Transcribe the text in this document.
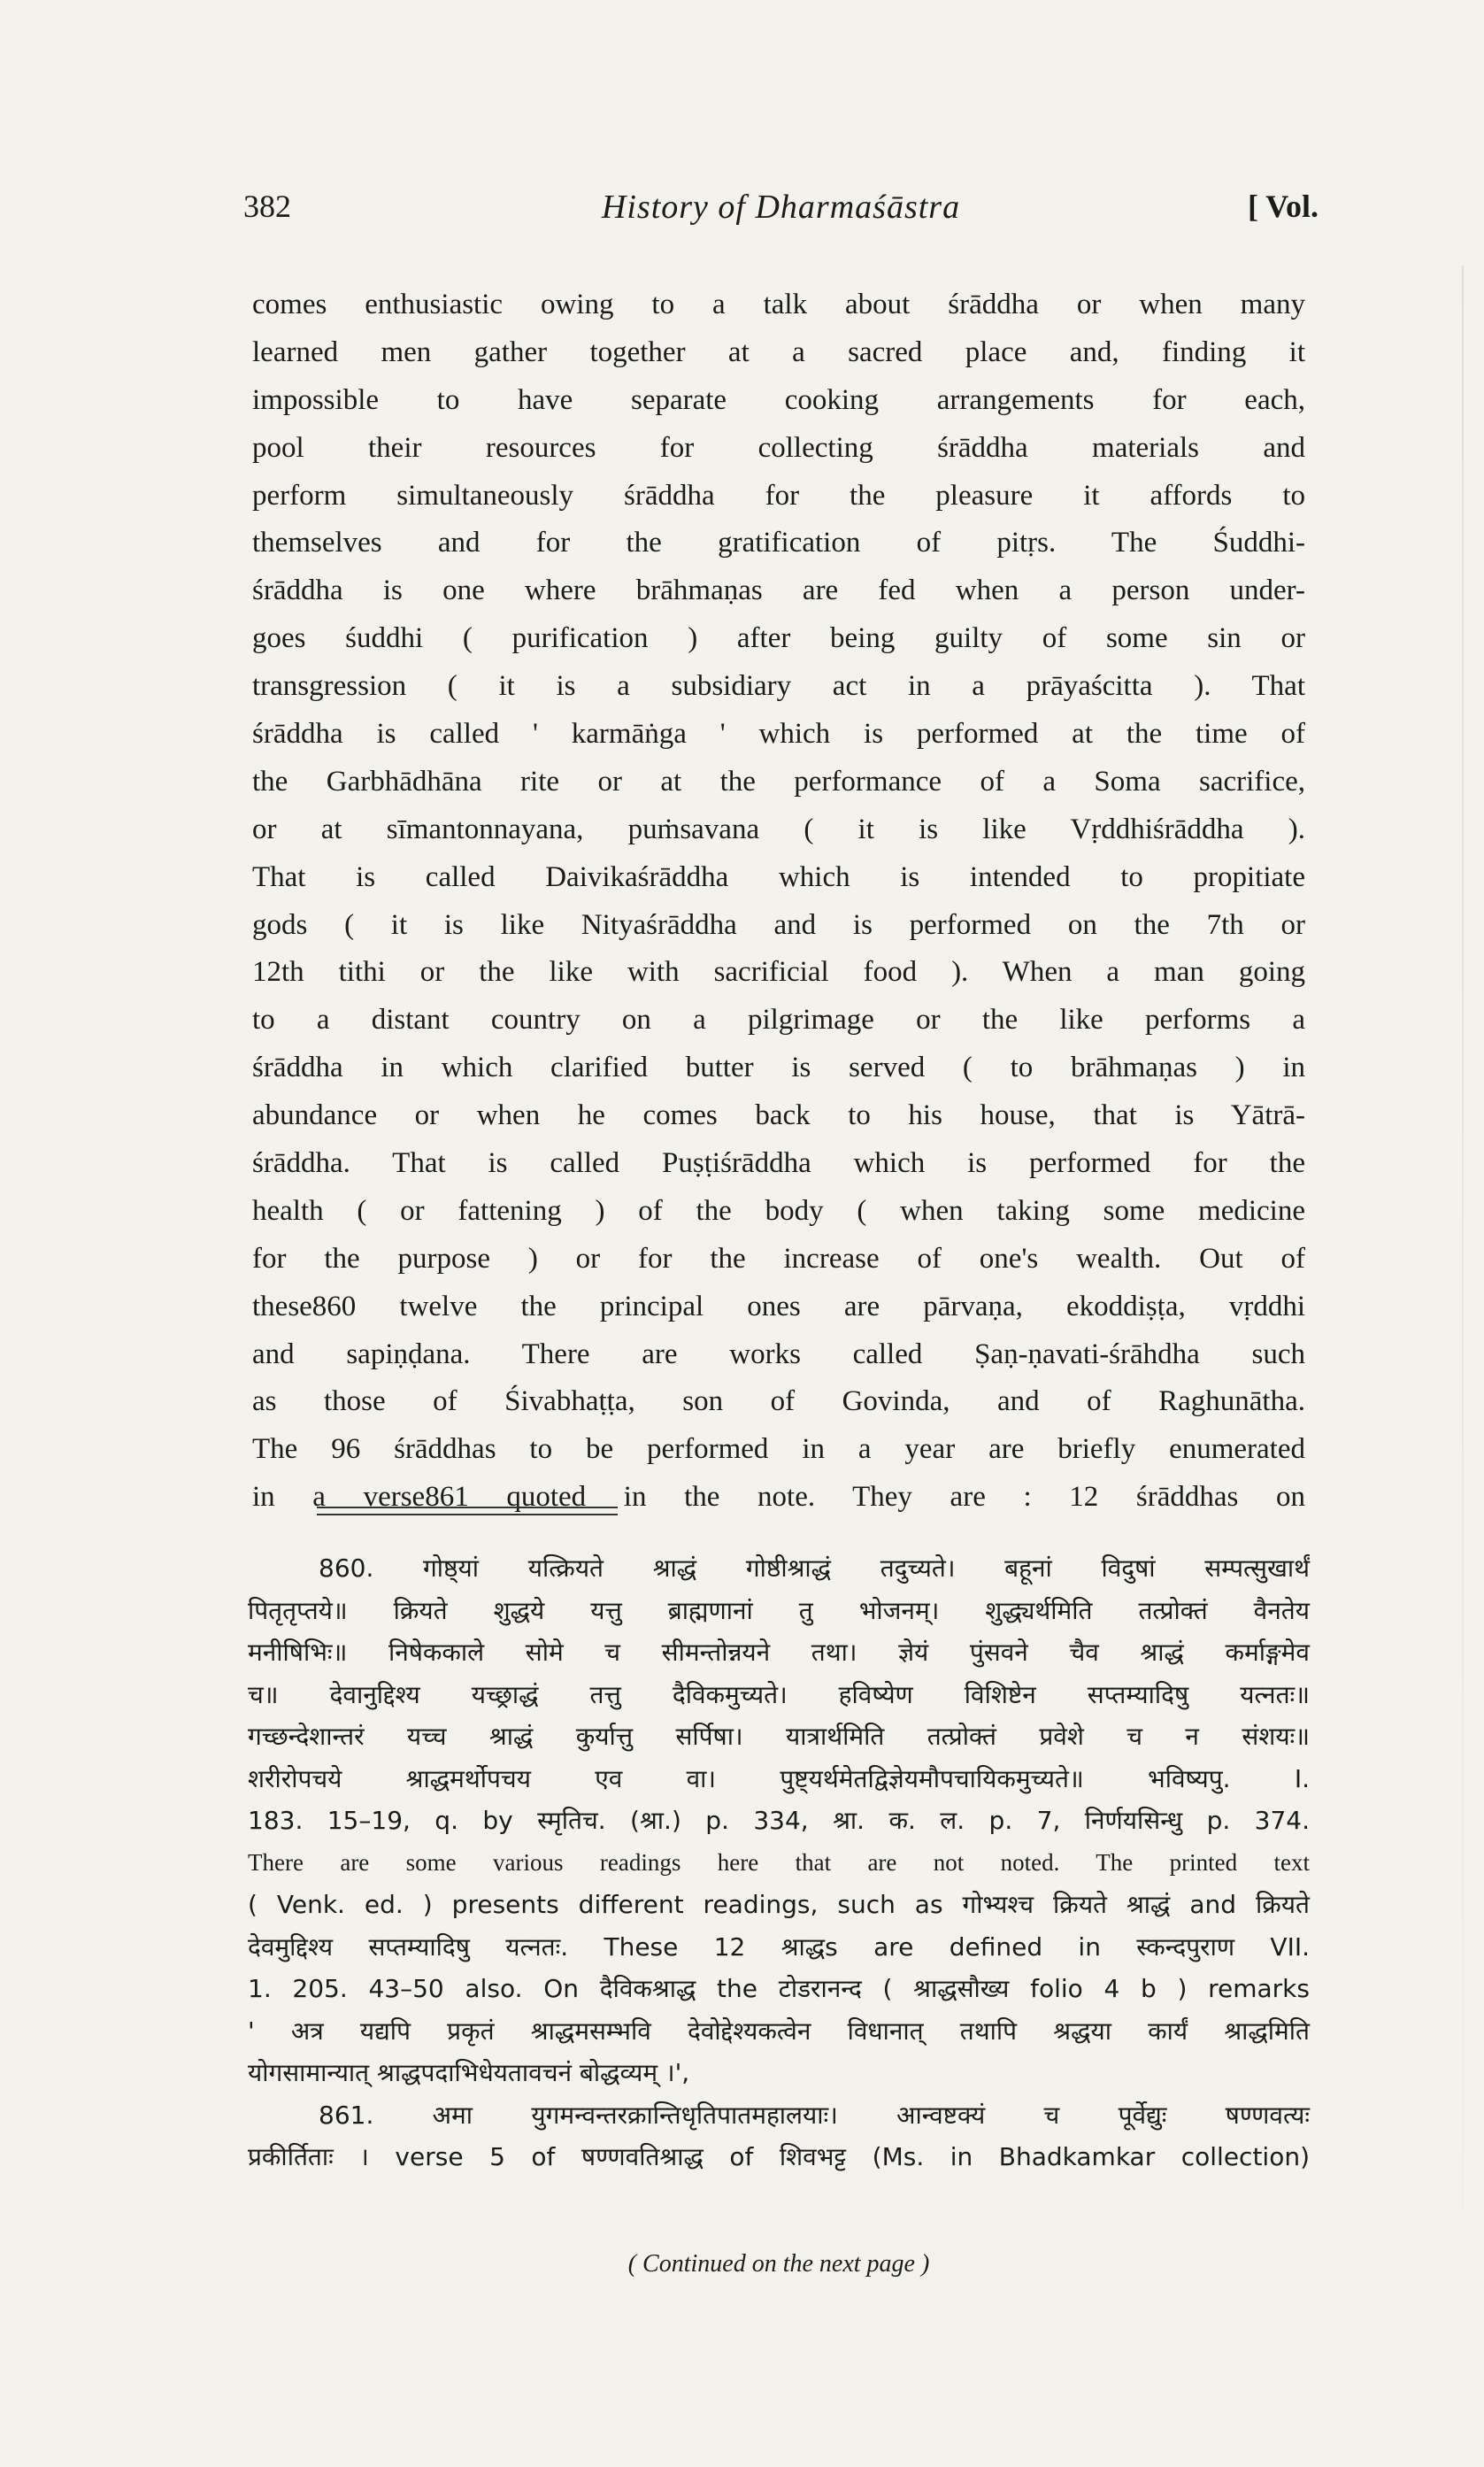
382	History of Dharmaśāstra	[ Vol.
comes enthusiastic owing to a talk about śrāddha or when many
learned men gather together at a sacred place and, finding it
impossible to have separate cooking arrangements for each,
pool their resources for collecting śrāddha materials and
perform simultaneously śrāddha for the pleasure it affords to
themselves and for the gratification of pitṛs. The Śuddhi-
śrāddha is one where brāhmaṇas are fed when a person under-
goes śuddhi ( purification ) after being guilty of some sin or
transgression ( it is a subsidiary act in a prāyaścitta ). That
śrāddha is called ' karmāṅga ' which is performed at the time of
the Garbhādhāna rite or at the performance of a Soma sacrifice,
or at sīmantonnayana, puṁsavana ( it is like Vṛddhiśrāddha ).
That is called Daivikaśrāddha which is intended to propitiate
gods ( it is like Nityaśrāddha and is performed on the 7th or
12th tithi or the like with sacrificial food ). When a man going
to a distant country on a pilgrimage or the like performs a
śrāddha in which clarified butter is served ( to brāhmaṇas ) in
abundance or when he comes back to his house, that is Yātrā-
śrāddha. That is called Puṣṭiśrāddha which is performed for the
health ( or fattening ) of the body ( when taking some medicine
for the purpose ) or for the increase of one's wealth. Out of
these860 twelve the principal ones are pārvaṇa, ekoddiṣṭa, vṛddhi
and sapiṇḍana. There are works called Ṣaṇ-ṇavati-śrāhdha such
as those of Śivabhaṭṭa, son of Govinda, and of Raghunātha.
The 96 śrāddhas to be performed in a year are briefly enumerated
in a verse861 quoted in the note. They are : 12 śrāddhas on
860. गोष्ठ्यां यत्क्रियते श्राद्धं गोष्ठीश्राद्धं तदुच्यते। बहूनां विदुषां सम्पत्सुखार्थं
पितृतृप्तये॥ क्रियते शुद्धये यत्तु ब्राह्मणानां तु भोजनम्। शुद्ध्यर्थमिति तत्प्रोक्तं वैनतेय
मनीषिभिः॥ निषेककाले सोमे च सीमन्तोन्नयने तथा। ज्ञेयं पुंसवने चैव श्राद्धं कर्माङ्गमेव
च॥ देवानुद्दिश्य यच्छ्राद्धं तत्तु दैविकमुच्यते। हविष्येण विशिष्टेन सप्तम्यादिषु यत्नतः॥
गच्छन्देशान्तरं यच्च श्राद्धं कुर्यात्तु सर्पिषा। यात्रार्थमिति तत्प्रोक्तं प्रवेशे च न संशयः॥
शरीरोपचये श्राद्धमर्थोपचय एव वा। पुष्ट्यर्थमेतद्विज्ञेयमौपचायिकमुच्यते॥ भविष्यपु. I.
183. 15–19, q. by स्मृतिच. (श्रा.) p. 334, श्रा. क. ल. p. 7, निर्णयसिन्धु p. 374.
There are some various readings here that are not noted. The printed text
( Venk. ed. ) presents different readings, such as गोभ्यश्च क्रियते श्राद्धं and क्रियते
देवमुद्दिश्य सप्तम्यादिषु यत्नतः. These 12 श्राद्धs are defined in स्कन्दपुराण VII.
1. 205. 43–50 also. On दैविकश्राद्ध the टोडरानन्द ( श्राद्धसौख्य folio 4 b ) remarks
' अत्र यद्यपि प्रकृतं श्राद्धमसम्भवि देवोद्देश्यकत्वेन विधानात् तथापि श्रद्धया कार्यं श्राद्धमिति
योगसामान्यात् श्राद्धपदाभिधेयतावचनं बोद्धव्यम् ।',
861. अमा युगमन्वन्तरक्रान्तिधृतिपातमहालयाः। आन्वष्टक्यं च पूर्वेद्युः षण्णवत्यः
प्रकीर्तिताः । verse 5 of षण्णवतिश्राद्ध of शिवभट्ट (Ms. in Bhadkamkar collection)
( Continued on the next page )
